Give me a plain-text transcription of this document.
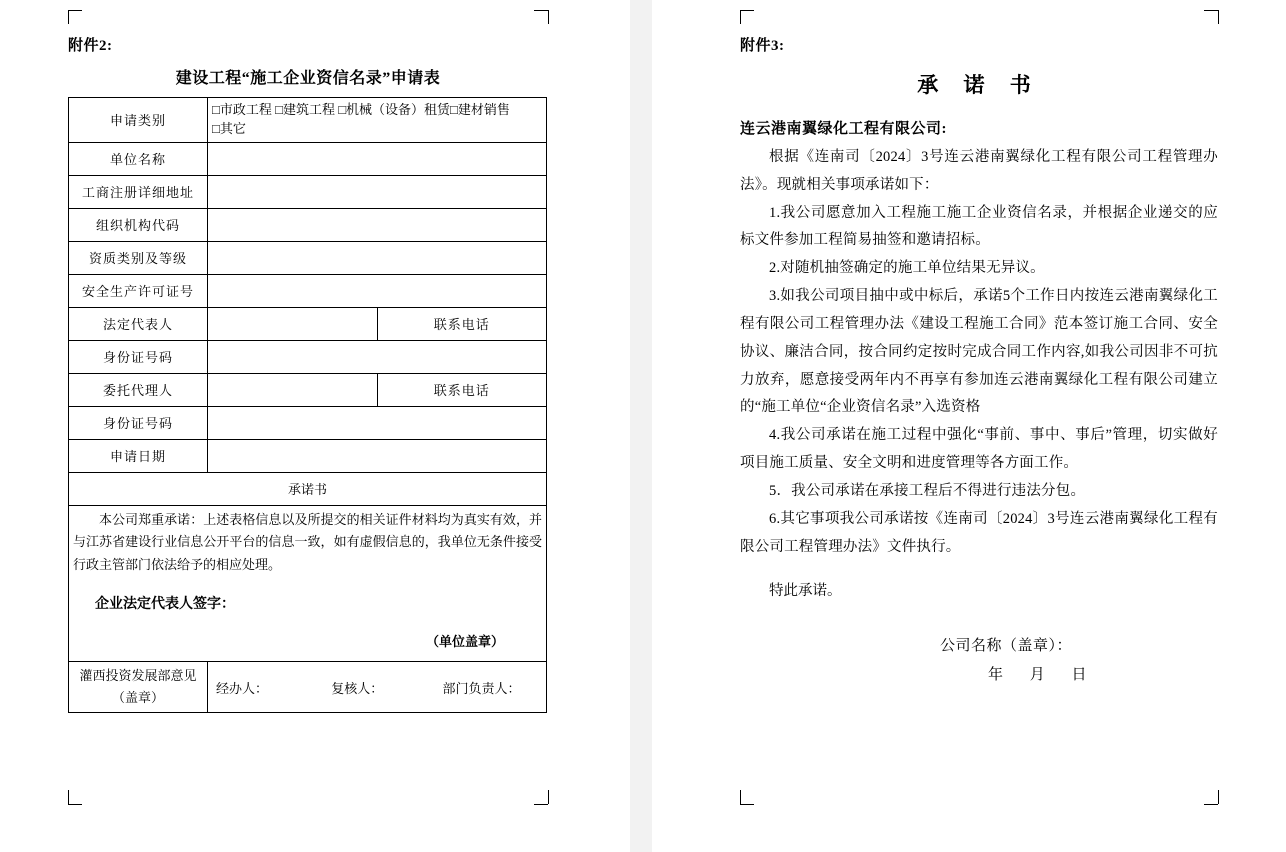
附件2:
建设工程“施工企业资信名录”申请表
申请类别	□市政工程 □建筑工程 □机械（设备）租赁□建材销售
□其它	

单位名称		
工商注册详细地址		
组织机构代码		
资质类别及等级		
安全生产许可证号		
法定代表人		联系电话
身份证号码		
委托代理人		联系电话
身份证号码		
申请日期		
承诺书		

本公司郑重承诺：上述表格信息以及所提交的相关证件材料均为真实有效，并与江苏省建设行业信息公开平台的信息一致，如有虚假信息的，我单位无条件接受行政主管部门依法给予的相应处理。

企业法定代表人签字：
（单位盖章）		

灌西投资发展部意见（盖章）	经办人： 复核人： 部门负责人：	
附件3:
承 诺 书
连云港南翼绿化工程有限公司:

根据《连南司〔2024〕3号连云港南翼绿化工程有限公司工程管理办法》。现就相关事项承诺如下：

1.我公司愿意加入工程施工施工企业资信名录，并根据企业递交的应标文件参加工程简易抽签和邀请招标。

2.对随机抽签确定的施工单位结果无异议。

3.如我公司项目抽中或中标后，承诺5个工作日内按连云港南翼绿化工程有限公司工程管理办法《建设工程施工合同》范本签订施工合同、安全协议、廉洁合同，按合同约定按时完成合同工作内容,如我公司因非不可抗力放弃，愿意接受两年内不再享有参加连云港南翼绿化工程有限公司建立的“施工单位“企业资信名录”入选资格

4.我公司承诺在施工过程中强化“事前、事中、事后”管理，切实做好项目施工质量、安全文明和进度管理等各方面工作。

5．我公司承诺在承接工程后不得进行违法分包。

6.其它事项我公司承诺按《连南司〔2024〕3号连云港南翼绿化工程有限公司工程管理办法》文件执行。

特此承诺。
公司名称（盖章）：
年 月 日
